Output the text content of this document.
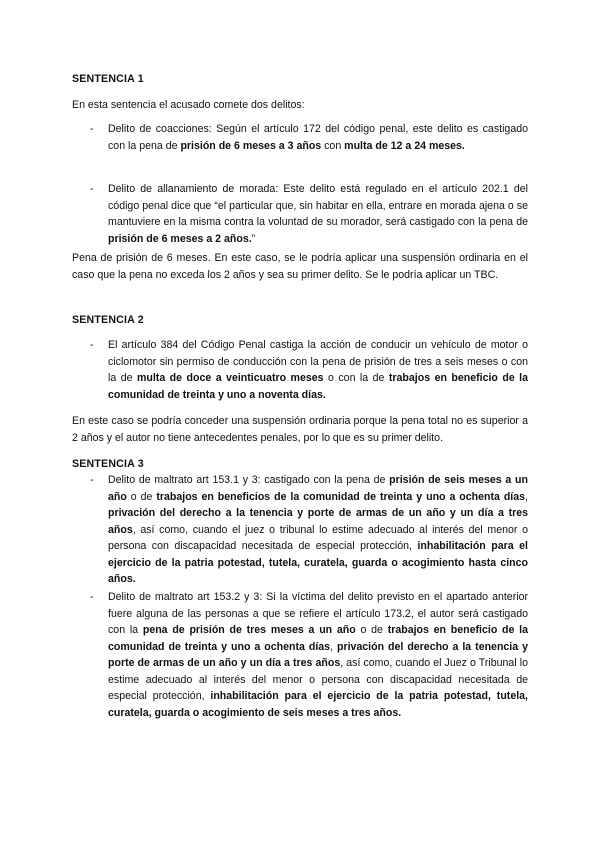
SENTENCIA 1

En esta sentencia el acusado comete dos delitos:

- Delito de coacciones: Según el artículo 172 del código penal, este delito es castigado con la pena de prisión de 6 meses a 3 años con multa de 12 a 24 meses.

- Delito de allanamiento de morada: Este delito está regulado en el artículo 202.1 del código penal dice que “el particular que, sin habitar en ella, entrare en morada ajena o se mantuviere en la misma contra la voluntad de su morador, será castigado con la pena de prisión de 6 meses a 2 años.”

Pena de prisión de 6 meses. En este caso, se le podría aplicar una suspensión ordinaria en el caso que la pena no exceda los 2 años y sea su primer delito. Se le podría aplicar un TBC.

SENTENCIA 2
- El artículo 384 del Código Penal castiga la acción de conducir un vehículo de motor o ciclomotor sin permiso de conducción con la pena de prisión de tres a seis meses o con la de multa de doce a veinticuatro meses o con la de trabajos en beneficio de la comunidad de treinta y uno a noventa días.

En este caso se podría conceder una suspensión ordinaria porque la pena total no es superior a 2 años y el autor no tiene antecedentes penales, por lo que es su primer delito.

SENTENCIA 3
- Delito de maltrato art 153.1 y 3: castigado con la pena de prisión de seis meses a un año o de trabajos en beneficios de la comunidad de treinta y uno a ochenta días, privación del derecho a la tenencia y porte de armas de un año y un día a tres años, así como, cuando el juez o tribunal lo estime adecuado al interés del menor o persona con discapacidad necesitada de especial protección, inhabilitación para el ejercicio de la patria potestad, tutela, curatela, guarda o acogimiento hasta cinco años.

- Delito de maltrato art 153.2 y 3: Si la víctima del delito previsto en el apartado anterior fuere alguna de las personas a que se refiere el artículo 173.2, el autor será castigado con la pena de prisión de tres meses a un año o de trabajos en beneficio de la comunidad de treinta y uno a ochenta días, privación del derecho a la tenencia y porte de armas de un año y un día a tres años, así como, cuando el Juez o Tribunal lo estime adecuado al interés del menor o persona con discapacidad necesitada de especial protección, inhabilitación para el ejercicio de la patria potestad, tutela, curatela, guarda o acogimiento de seis meses a tres años.
